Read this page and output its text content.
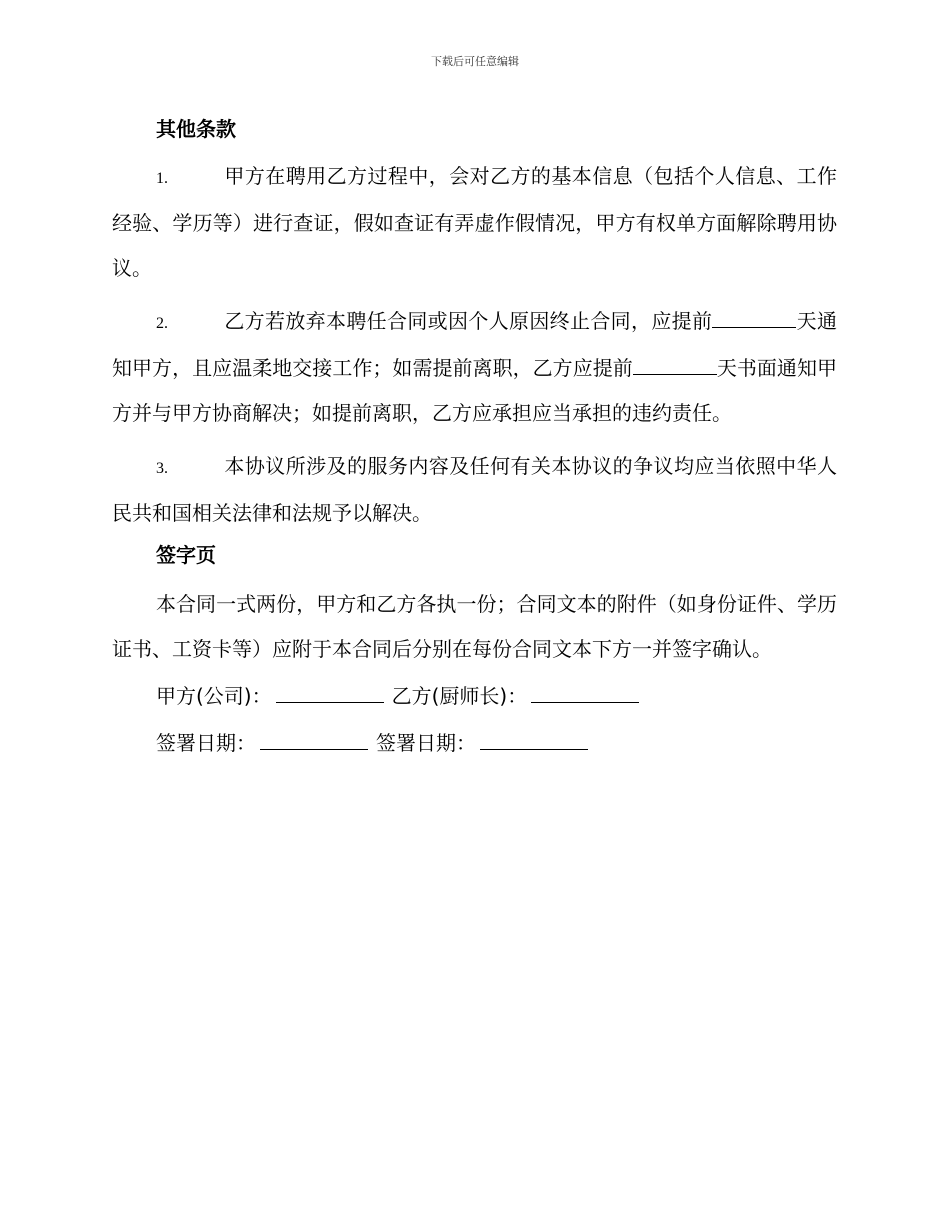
下载后可任意编辑
其他条款

1.	甲方在聘用乙方过程中，会对乙方的基本信息（包括个人信息、工作经验、学历等）进行查证，假如查证有弄虚作假情况，甲方有权单方面解除聘用协议。

2.	乙方若放弃本聘任合同或因个人原因终止合同，应提前	天通知甲方，且应温柔地交接工作；如需提前离职，乙方应提前	天书面通知甲方并与甲方协商解决；如提前离职，乙方应承担应当承担的违约责任。

3.	本协议所涉及的服务内容及任何有关本协议的争议均应当依照中华人民共和国相关法律和法规予以解决。

签字页

本合同一式两份，甲方和乙方各执一份；合同文本的附件（如身份证件、学历证书、工资卡等）应附于本合同后分别在每份合同文本下方一并签字确认。

甲方(公司)：	乙方(厨师长)：

签署日期：	签署日期：
